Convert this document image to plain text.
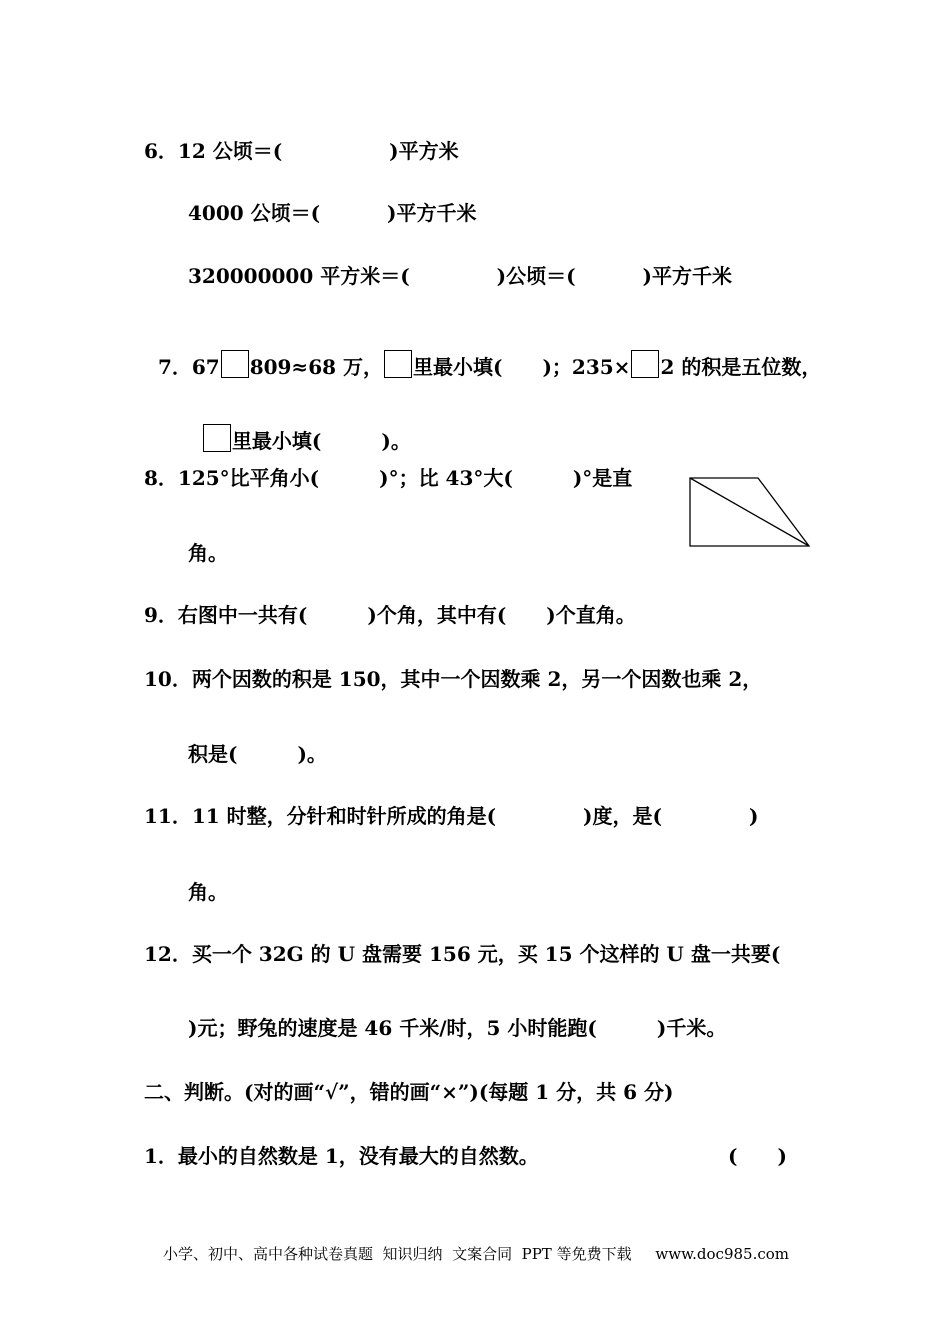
6．12 公顷＝(　　　　　 )平方米
4000 公顷＝(　　　 )平方千米
320000000 平方米＝(　　　　 )公顷＝(　　　 )平方千米

7．67 809≈68 万， 里最小填(　　)；235× 2 的积是五位数，

里最小填(　　　)。

8．125°比平角小(　　　)°；比 43°大(　　　)°是直
角。
9．右图中一共有(　　　)个角，其中有(　　)个直角。
10．两个因数的积是 150，其中一个因数乘 2，另一个因数也乘 2，
积是(　　　)。
11．11 时整，分针和时针所成的角是(　　　　 )度，是(　　　　 )
角。
12．买一个 32G 的 U 盘需要 156 元，买 15 个这样的 U 盘一共要(
)元；野兔的速度是 46 千米/时，5 小时能跑(　　　)千米。
二、判断。(对的画“√”，错的画“×”)(每题 1 分，共 6 分)
1．最小的自然数是 1，没有最大的自然数。	(　　)
小学、初中、高中各种试卷真题  知识归纳  文案合同  PPT 等免费下载     www.doc985.com
